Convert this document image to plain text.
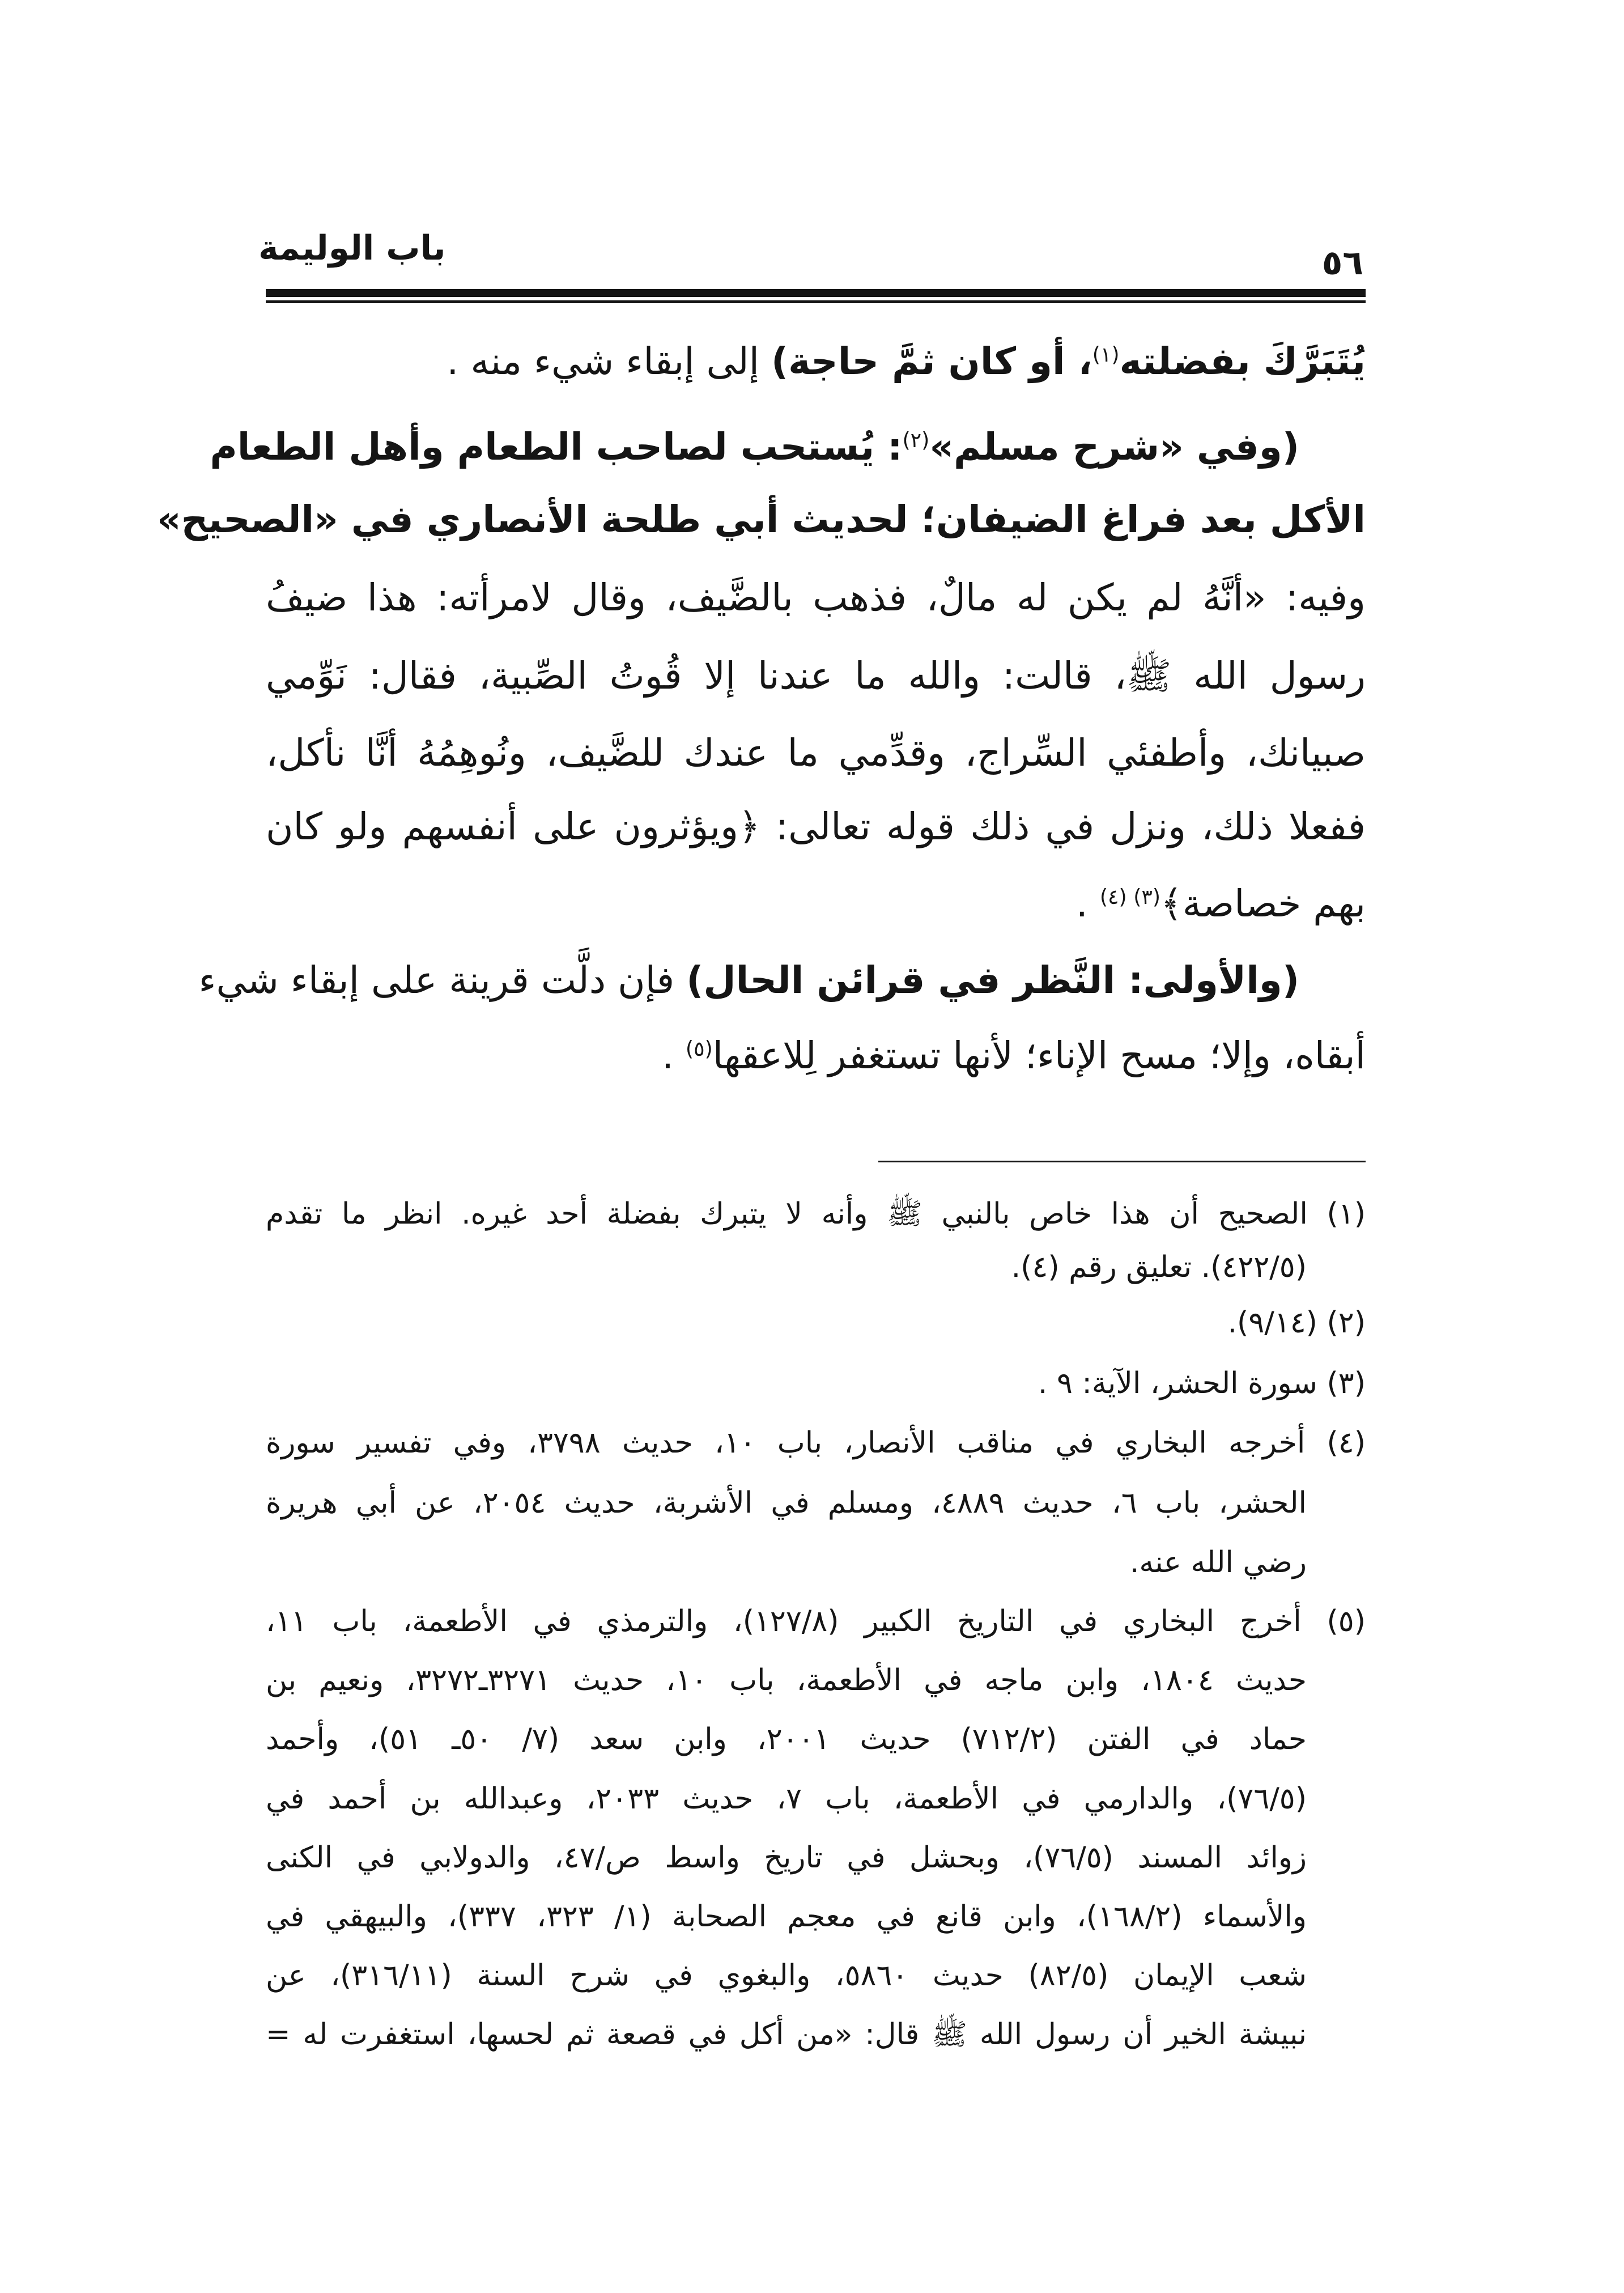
باب الوليمة	٥٦
يُتَبَرَّكَ بفضلته$^{(١)}$، أو كان ثمَّ حاجة) إلى إبقاء شيء منه .
(وفي «شرح مسلم»$^{(٢)}$: يُستحب لصاحب الطعام وأهل الطعام
الأكل بعد فراغ الضيفان؛ لحديث أبي طلحة الأنصاري في «الصحيح»
وفيه: «أنَّهُ لم يكن له مالٌ، فذهب بالضَّيف، وقال لامرأته: هذا ضيفُ
رسول الله ﷺ، قالت: والله ما عندنا إلا قُوتُ الصِّبية، فقال: نَوِّمي
صبيانك، وأطفئي السِّراج، وقدِّمي ما عندك للضَّيف، ونُوهِمُهُ أنَّا نأكل،
ففعلا ذلك، ونزل في ذلك قوله تعالى: ﴿ويؤثرون على أنفسهم ولو كان
بهم خصاصة﴾$^{(٣) (٤)}$ .
(والأولى: النَّظر في قرائن الحال) فإن دلَّت قرينة على إبقاء شيء
أبقاه، وإلا؛ مسح الإناء؛ لأنها تستغفر لِلاعقها$^{(٥)}$ .
(١) الصحيح أن هذا خاص بالنبي ﷺ وأنه لا يتبرك بفضلة أحد غيره. انظر ما تقدم
(٤٢٢/٥). تعليق رقم (٤).
(٢) (٩/١٤).
(٣) سورة الحشر، الآية: ٩ .
(٤) أخرجه البخاري في مناقب الأنصار، باب ١٠، حديث ٣٧٩٨، وفي تفسير سورة
الحشر، باب ٦، حديث ٤٨٨٩، ومسلم في الأشربة، حديث ٢٠٥٤، عن أبي هريرة
رضي الله عنه.
(٥) أخرج البخاري في التاريخ الكبير (١٢٧/٨)، والترمذي في الأطعمة، باب ١١،
حديث ١٨٠٤، وابن ماجه في الأطعمة، باب ١٠، حديث ٣٢٧١ـ٣٢٧٢، ونعيم بن
حماد في الفتن (٧١٢/٢) حديث ٢٠٠١، وابن سعد (٧/ ٥٠ـ ٥١)، وأحمد
(٧٦/٥)، والدارمي في الأطعمة، باب ٧، حديث ٢٠٣٣، وعبدالله بن أحمد في
زوائد المسند (٧٦/٥)، وبحشل في تاريخ واسط ص/٤٧، والدولابي في الكنى
والأسماء (١٦٨/٢)، وابن قانع في معجم الصحابة (١/ ٣٢٣، ٣٣٧)، والبيهقي في
شعب الإيمان (٨٢/٥) حديث ٥٨٦٠، والبغوي في شرح السنة (٣١٦/١١)، عن
نبيشة الخير أن رسول الله ﷺ قال: «من أكل في قصعة ثم لحسها، استغفرت له =
